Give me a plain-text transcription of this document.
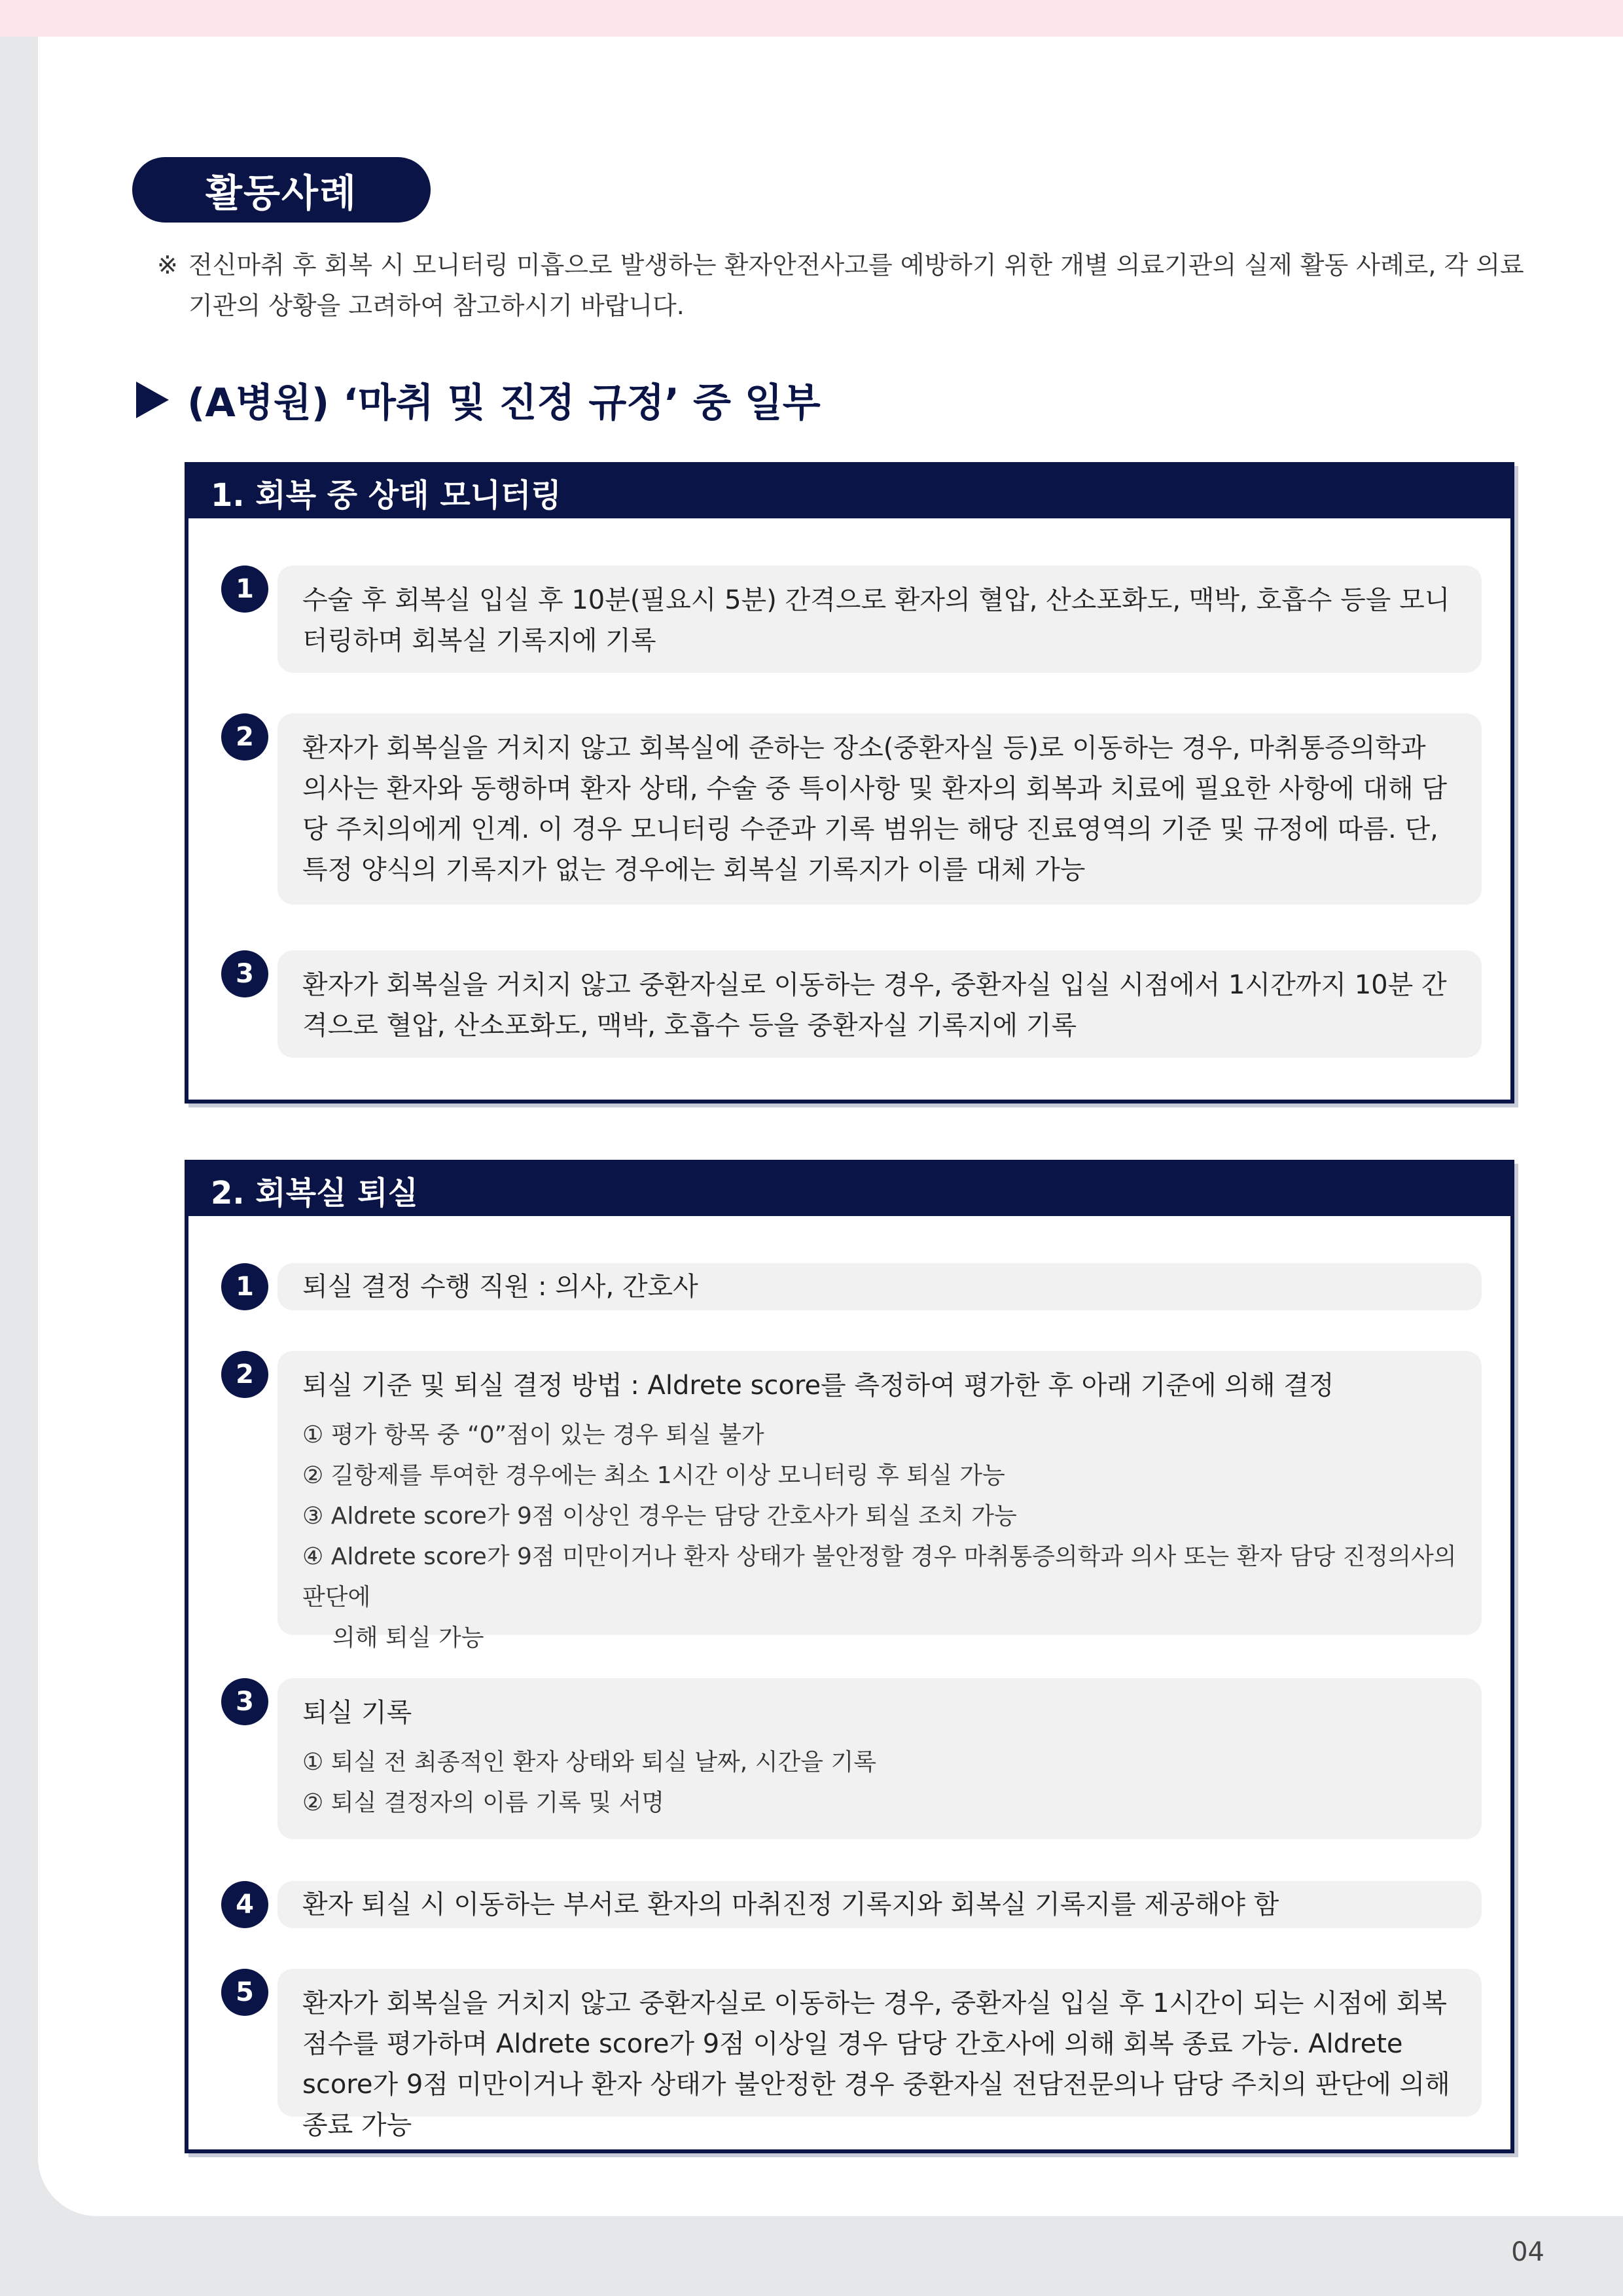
활동사례
※ 전신마취 후 회복 시 모니터링 미흡으로 발생하는 환자안전사고를 예방하기 위한 개별 의료기관의 실제 활동 사례로, 각 의료기관의 상황을 고려하여 참고하시기 바랍니다.
(A병원) ‘마취 및 진정 규정’ 중 일부
1. 회복 중 상태 모니터링
1	수술 후 회복실 입실 후 10분(필요시 5분) 간격으로 환자의 혈압, 산소포화도, 맥박, 호흡수 등을 모니터링하며 회복실 기록지에 기록
2	환자가 회복실을 거치지 않고 회복실에 준하는 장소(중환자실 등)로 이동하는 경우, 마취통증의학과 의사는 환자와 동행하며 환자 상태, 수술 중 특이사항 및 환자의 회복과 치료에 필요한 사항에 대해 담당 주치의에게 인계. 이 경우 모니터링 수준과 기록 범위는 해당 진료영역의 기준 및 규정에 따름. 단, 특정 양식의 기록지가 없는 경우에는 회복실 기록지가 이를 대체 가능
3	환자가 회복실을 거치지 않고 중환자실로 이동하는 경우, 중환자실 입실 시점에서 1시간까지 10분 간격으로 혈압, 산소포화도, 맥박, 호흡수 등을 중환자실 기록지에 기록
2. 회복실 퇴실
1	퇴실 결정 수행 직원 : 의사, 간호사
2	퇴실 기준 및 퇴실 결정 방법 : Aldrete score를 측정하여 평가한 후 아래 기준에 의해 결정
① 평가 항목 중 “0”점이 있는 경우 퇴실 불가
② 길항제를 투여한 경우에는 최소 1시간 이상 모니터링 후 퇴실 가능
③ Aldrete score가 9점 이상인 경우는 담당 간호사가 퇴실 조치 가능
④ Aldrete score가 9점 미만이거나 환자 상태가 불안정할 경우 마취통증의학과 의사 또는 환자 담당 진정의사의 판단에
의해 퇴실 가능
3	퇴실 기록
① 퇴실 전 최종적인 환자 상태와 퇴실 날짜, 시간을 기록
② 퇴실 결정자의 이름 기록 및 서명
4	환자 퇴실 시 이동하는 부서로 환자의 마취진정 기록지와 회복실 기록지를 제공해야 함
5	환자가 회복실을 거치지 않고 중환자실로 이동하는 경우, 중환자실 입실 후 1시간이 되는 시점에 회복점수를 평가하며 Aldrete score가 9점 이상일 경우 담당 간호사에 의해 회복 종료 가능. Aldrete score가 9점 미만이거나 환자 상태가 불안정한 경우 중환자실 전담전문의나 담당 주치의 판단에 의해 종료 가능
04
